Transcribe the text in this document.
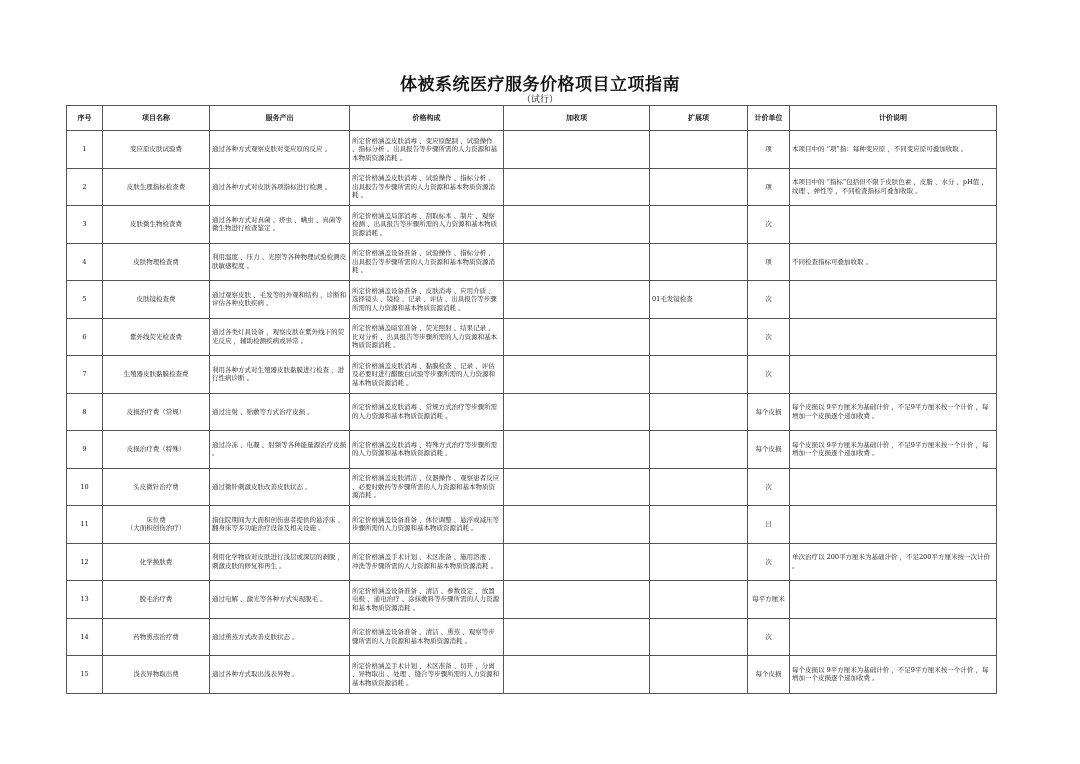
体被系统医疗服务价格项目立项指南
（试行）
序号	项目名称	服务产出	价格构成	加收项	扩展项	计价单位	计价说明
1	变应原皮肤试验费	通过各种方式观察皮肤对变应原的反应 。	所定价格涵盖皮肤消毒 、变应原配制 、试验操作 、指标分析 、出具报告等步骤所需的人力资源和基本物质资源消耗 。			项	本项目中的 “项”指：每种变应原 ，不同变应原可叠加收取 。
2	皮肤生理指标检查费	通过各种方式对皮肤各项指标进行检测 。	所定价格涵盖皮肤消毒 、试验操作 、指标分析 、出具报告等步骤所需的人力资源和基本物质资源消耗 。			项	本项目中的 “指标”包括但不限于皮肤色素 、皮脂 、水分 、pH值 、纹理 、弹性等 ，不同检查指标可叠加收取 。
3	皮肤微生物检查费	通过各种方式对真菌 、疥虫 、螨虫 、真菌等微生物进行检查鉴定 。	所定价格涵盖局部消毒 、刮取标本 、制片 、观察检测 、出具报告等步骤所需的人力资源和基本物质资源消耗 。			次	
4	皮肤物理检查费	利用温度 、压力 、光照等各种物理试验检测皮肤敏感程度 。	所定价格涵盖设备准备 、试验操作 、指标分析 、出具报告等步骤所需的人力资源和基本物质资源消耗 。			项	不同检查指标可叠加收取 。
5	皮肤镜检查费	通过观察皮肤 、毛发等的外观和结构 ，诊断和评估各种皮肤疾病 。	所定价格涵盖设备准备 、皮肤消毒 、应用介质 、选择镜头 、镜检 、记录 、评估 、出具报告等步骤所需的人力资源和基本物质资源消耗 。		01毛发镜检查	次	
6	紫外线荧光检查费	通过各类灯具设备 ，观察皮肤在紫外线下的荧光反应 ，辅助检测疾病或异常 。	所定价格涵盖暗室准备 、荧光照射 、结果记录 、比对分析 、出具报告等步骤所需的人力资源和基本物质资源消耗 。			次	
7	生殖器皮肤黏膜检查费	利用各种方式对生殖器皮肤黏膜进行检查 ，进行性病诊断 。	所定价格涵盖皮肤消毒 、黏膜检查 、记录 、评估及必要时进行醋酸白试验等步骤所需的人力资源和基本物质资源消耗 。			次	
8	皮损治疗费（常规）	通过注射 、贴敷等方式治疗皮损 。	所定价格涵盖皮肤消毒 、常规方式治疗等步骤所需的人力资源和基本物质资源消耗 。			每个皮损	每个皮损以 9平方厘米为基础计价 ，不足9平方厘米按一个计价 ，每增加一个皮损逐个递加收费 。
9	皮损治疗费（特殊）	通过冷冻 、电凝 、射频等各种能量源治疗皮损 。	所定价格涵盖皮肤消毒 、特殊方式治疗等步骤所需的人力资源和基本物质资源消耗 。			每个皮损	每个皮损以 9平方厘米为基础计价 ，不足9平方厘米按一个计价 ，每增加一个皮损逐个递加收费 。
10	头皮微针治疗费	通过微针刺激皮肤改善皮肤状态 。	所定价格涵盖皮肤清洁 、仪器操作 、观察患者反应 、必要时敷药等步骤所需的人力资源和基本物质资源消耗 。			次	
11	床位费
（大面积创伤治疗）	指住院期间为大面积创伤患者提供的悬浮床 、翻身床等多功能治疗设备及相关设施 。	所定价格涵盖设备准备 、体位调整 、悬浮或减压等步骤所需的人力资源和基本物质资源消耗 。			日	
12	化学换肤费	利用化学物质对皮肤进行浅层或深层的剥脱 ，刺激皮肤的修复和再生 。	所定价格涵盖手术计划 、术区准备 、施用溶液 、冲洗等步骤所需的人力资源和基本物质资源消耗 。			次	单次治疗以 200平方厘米为基础计价 ，不足200平方厘米按一次计价 。
13	脱毛治疗费	通过电解 、激光等各种方式实现脱毛 。	所定价格涵盖设备准备 、清洁 、参数设定 、放置电极 、通电治疗 、涂抹敷料等步骤所需的人力资源和基本物质资源消耗 。			每平方厘米	
14	药物熏蒸治疗费	通过熏蒸方式改善皮肤状态 。	所定价格涵盖设备准备 、清洁 、熏蒸 、观察等步骤所需的人力资源和基本物质资源消耗 。			次	
15	浅表异物取出费	通过各种方式取出浅表异物 。	所定价格涵盖手术计划 、术区准备 、切开 、分离 、异物取出 、处理 、缝合等步骤所需的人力资源和基本物质资源消耗 。			每个皮损	每个皮损以 9平方厘米为基础计价 ，不足9平方厘米按一个计价 ，每增加一个皮损逐个递加收费 。
